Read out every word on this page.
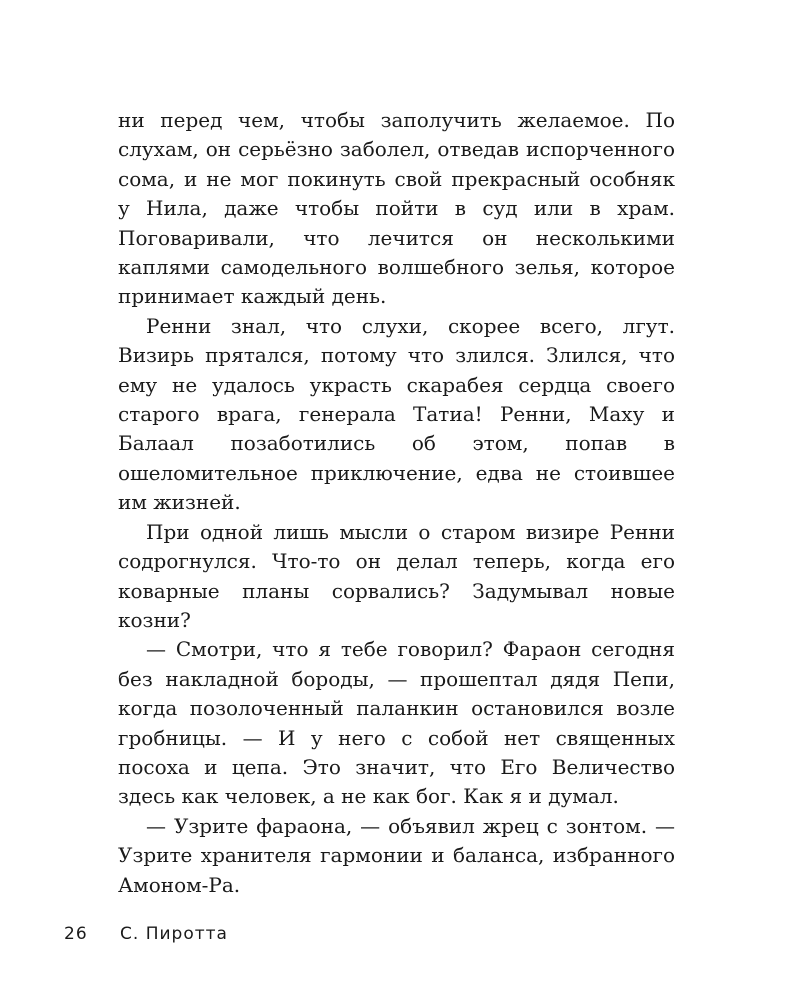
ни перед чем, чтобы заполучить желаемое. По слухам, он серьёзно заболел, отведав испорченного сома, и не мог покинуть свой прекрасный особняк у Нила, даже чтобы пойти в суд или в храм. Поговаривали, что лечится он несколькими каплями самодельного волшебного зелья, которое принимает каждый день.

Ренни знал, что слухи, скорее всего, лгут. Визирь прятался, потому что злился. Злился, что ему не удалось украсть скарабея сердца своего старого врага, генерала Татиа! Ренни, Маху и Балаал позаботились об этом, попав в ошеломительное приключение, едва не стоившее им жизней.

При одной лишь мысли о старом визире Ренни содрогнулся. Что-то он делал теперь, когда его коварные планы сорвались? Задумывал новые козни?

— Смотри, что я тебе говорил? Фараон сегодня без накладной бороды, — прошептал дядя Пепи, когда позолоченный паланкин остановился возле гробницы. — И у него с собой нет священных посоха и цепа. Это значит, что Его Величество здесь как человек, а не как бог. Как я и думал.

— Узрите фараона, — объявил жрец с зонтом. — Узрите хранителя гармонии и баланса, избранного Амоном-Ра.

26 С. Пиротта
